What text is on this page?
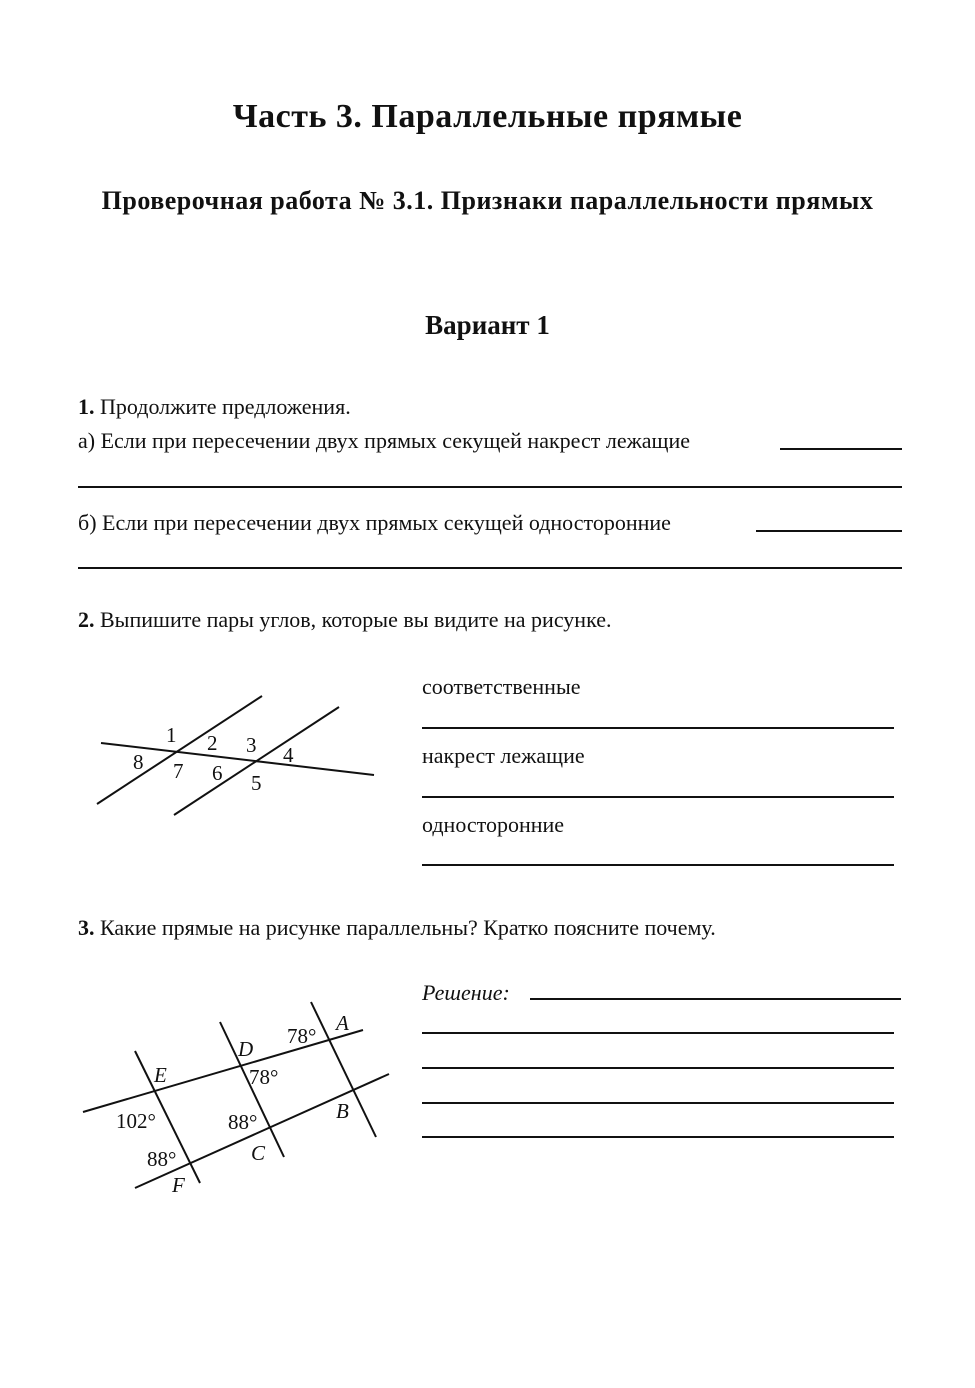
Часть 3. Параллельные прямые
Проверочная работа № 3.1. Признаки параллельности прямых
Вариант 1
1. Продолжите предложения.
а) Если при пересечении двух прямых секущей накрест лежащие
б) Если при пересечении двух прямых секущей односторонние
2. Выпишите пары углов, которые вы видите на рисунке.
1 2 3 4
5
6
7
8
соответственные
накрест лежащие
односторонние
3. Какие прямые на рисунке параллельны? Кратко поясните почему.
A
B
C
D
E
F
78°
78°
102°	88°
88°
Решение:
